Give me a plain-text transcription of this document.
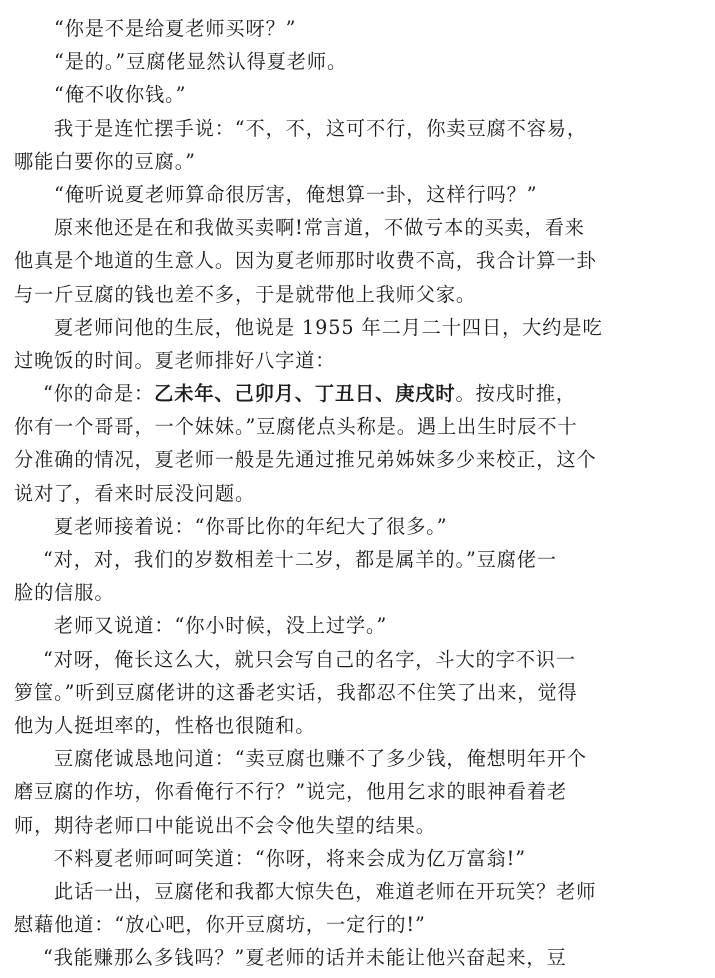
“你是不是给夏老师买呀？”
“是的。”豆腐佬显然认得夏老师。
“俺不收你钱。”
我于是连忙摆手说：“不，不，这可不行，你卖豆腐不容易，
哪能白要你的豆腐。”
“俺听说夏老师算命很厉害，俺想算一卦，这样行吗？”
原来他还是在和我做买卖啊!常言道，不做亏本的买卖，看来
他真是个地道的生意人。因为夏老师那时收费不高，我合计算一卦
与一斤豆腐的钱也差不多，于是就带他上我师父家。
夏老师问他的生辰，他说是 1955 年二月二十四日，大约是吃
过晚饭的时间。夏老师排好八字道：
“你的命是：乙未年、己卯月、丁丑日、庚戌时。按戌时推，
你有一个哥哥，一个妹妹。”豆腐佬点头称是。遇上出生时辰不十
分准确的情况，夏老师一般是先通过推兄弟姊妹多少来校正，这个
说对了，看来时辰没问题。
夏老师接着说：“你哥比你的年纪大了很多。”
“对，对，我们的岁数相差十二岁，都是属羊的。”豆腐佬一
脸的信服。
老师又说道：“你小时候，没上过学。”
“对呀，俺长这么大，就只会写自己的名字，斗大的字不识一
箩筐。”听到豆腐佬讲的这番老实话，我都忍不住笑了出来，觉得
他为人挺坦率的，性格也很随和。
豆腐佬诚恳地问道：“卖豆腐也赚不了多少钱，俺想明年开个
磨豆腐的作坊，你看俺行不行？”说完，他用乞求的眼神看着老
师，期待老师口中能说出不会令他失望的结果。
不料夏老师呵呵笑道：“你呀，将来会成为亿万富翁!”
此话一出，豆腐佬和我都大惊失色，难道老师在开玩笑？老师
慰藉他道：“放心吧，你开豆腐坊，一定行的!”
“我能赚那么多钱吗？”夏老师的话并未能让他兴奋起来，豆
